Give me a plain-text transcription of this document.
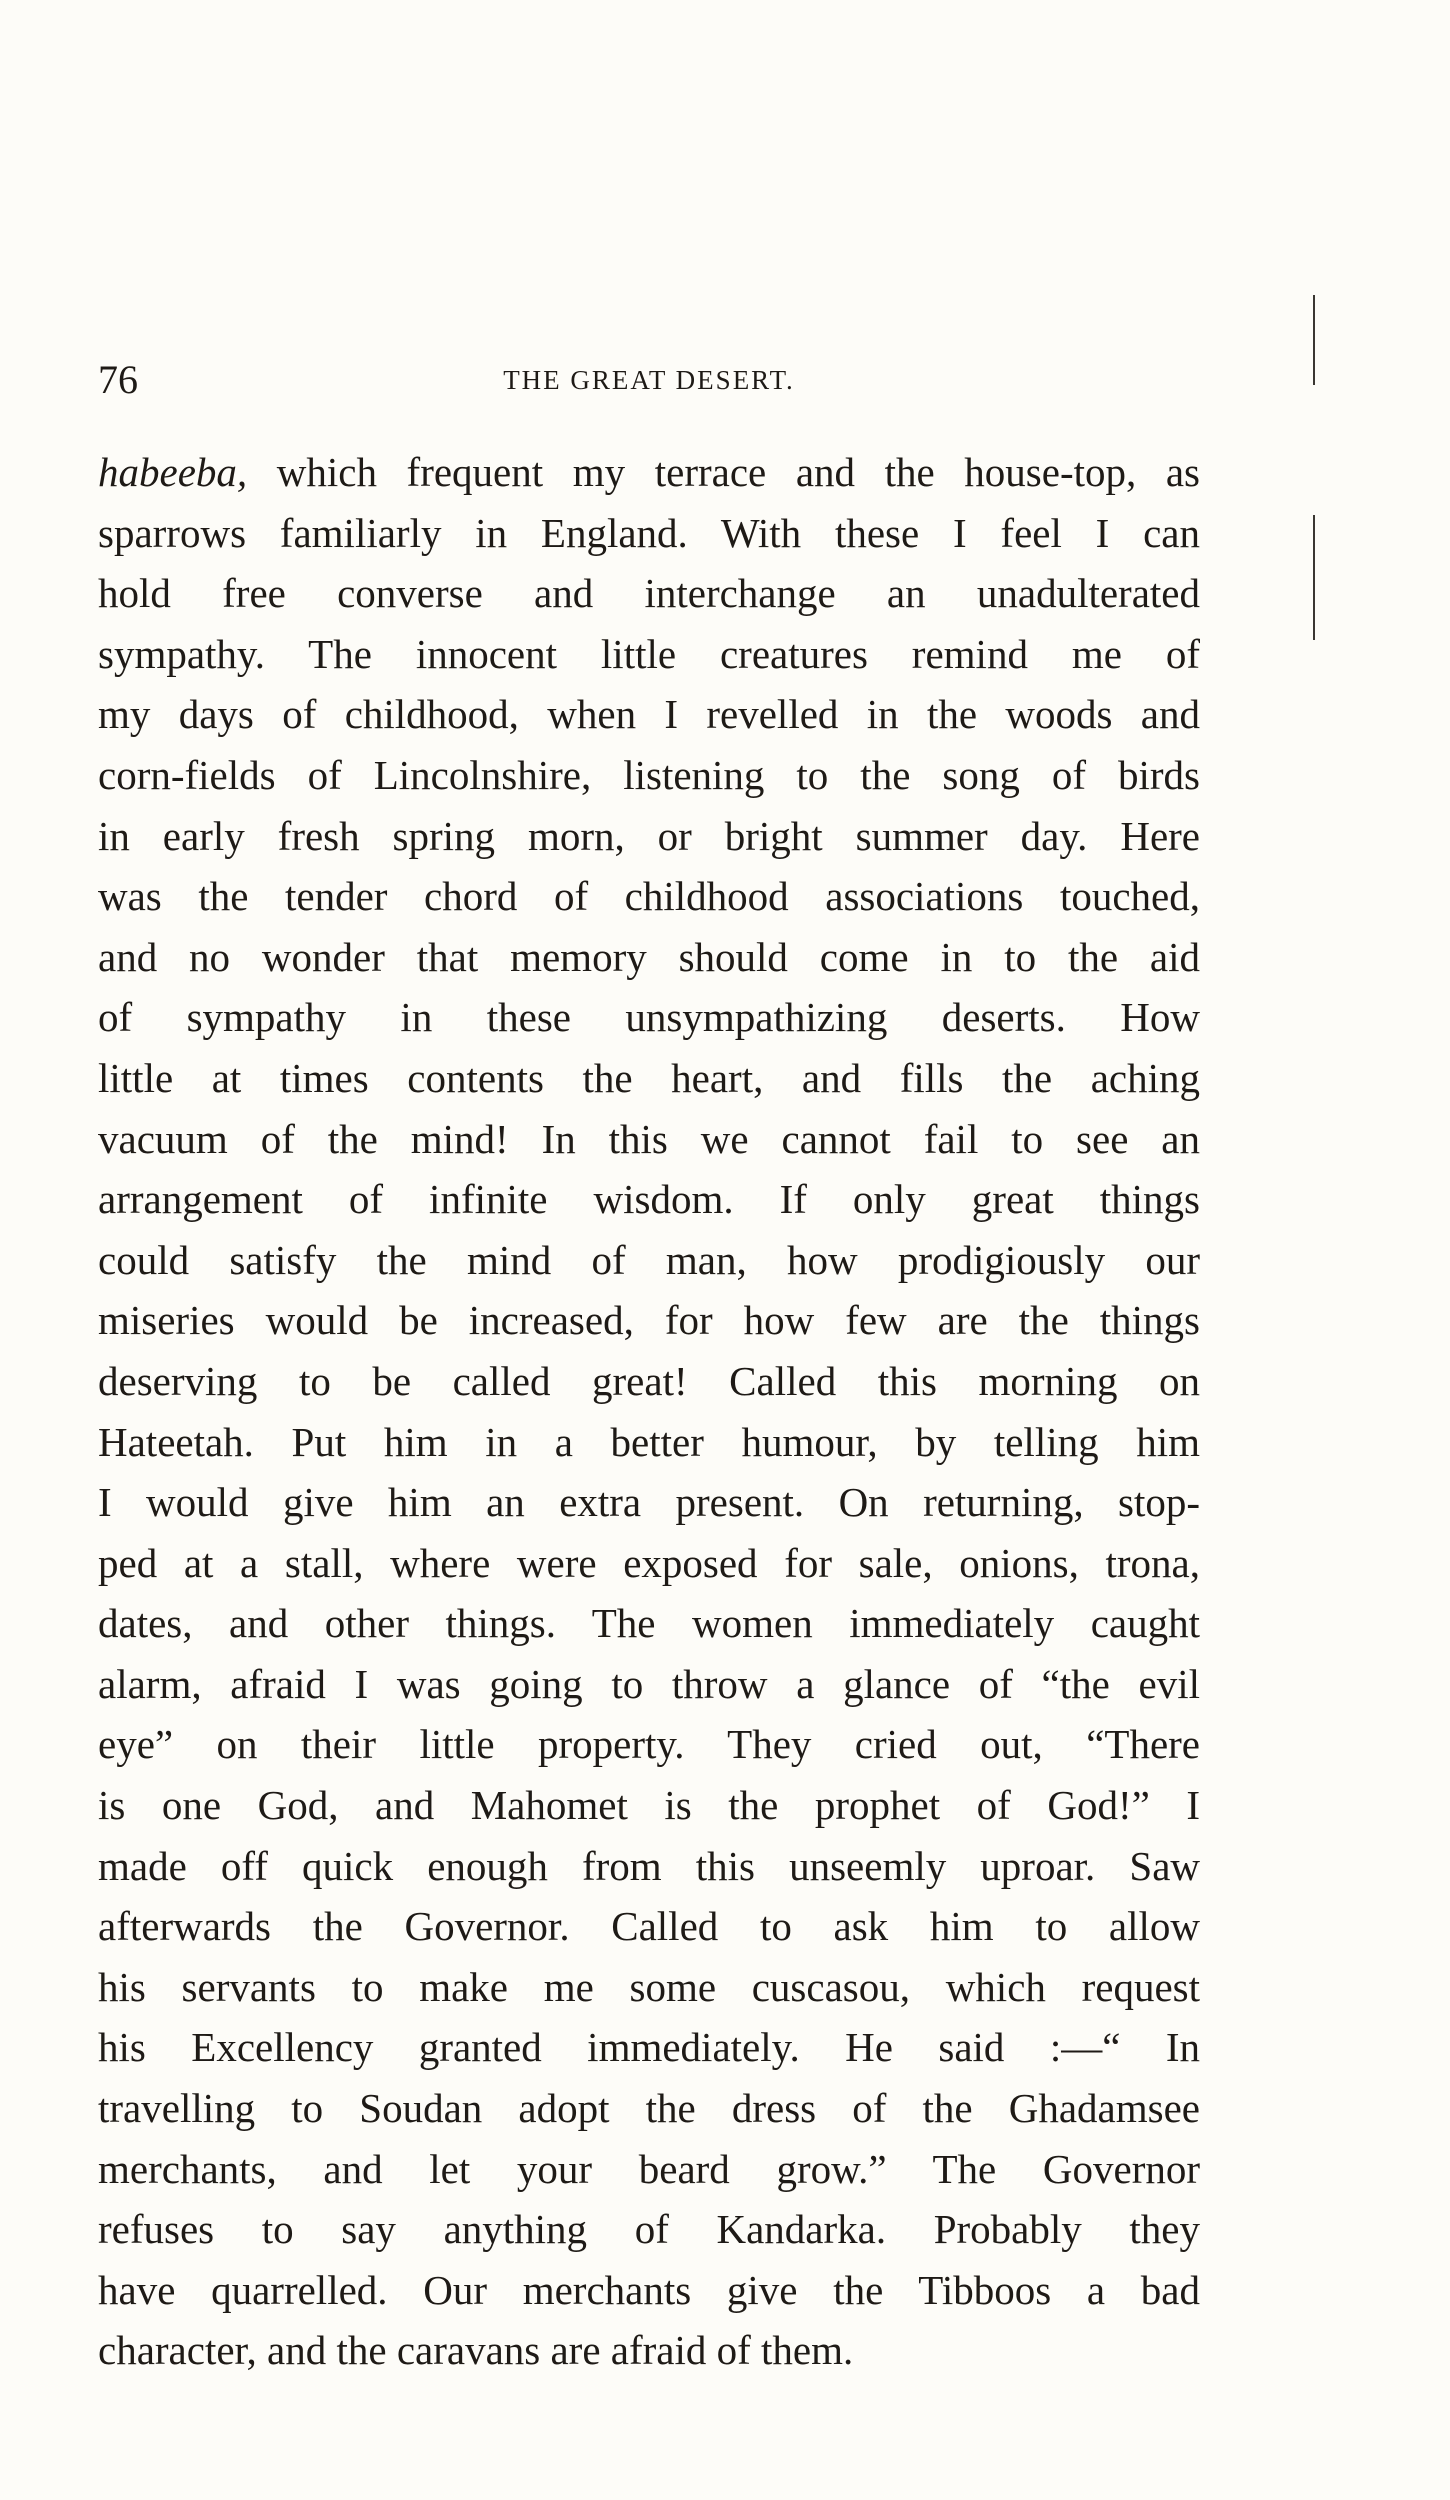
76	THE GREAT DESERT.
habeeba, which frequent my terrace and the house-top, as
sparrows familiarly in England. With these I feel I can
hold free converse and interchange an unadulterated
sympathy. The innocent little creatures remind me of
my days of childhood, when I revelled in the woods and
corn-fields of Lincolnshire, listening to the song of birds
in early fresh spring morn, or bright summer day. Here
was the tender chord of childhood associations touched,
and no wonder that memory should come in to the aid
of sympathy in these unsympathizing deserts. How
little at times contents the heart, and fills the aching
vacuum of the mind! In this we cannot fail to see an
arrangement of infinite wisdom. If only great things
could satisfy the mind of man, how prodigiously our
miseries would be increased, for how few are the things
deserving to be called great! Called this morning on
Hateetah. Put him in a better humour, by telling him
I would give him an extra present. On returning, stop-
ped at a stall, where were exposed for sale, onions, trona,
dates, and other things. The women immediately caught
alarm, afraid I was going to throw a glance of “the evil
eye” on their little property. They cried out, “There
is one God, and Mahomet is the prophet of God!” I
made off quick enough from this unseemly uproar. Saw
afterwards the Governor. Called to ask him to allow
his servants to make me some cuscasou, which request
his Excellency granted immediately. He said :—“ In
travelling to Soudan adopt the dress of the Ghadamsee
merchants, and let your beard grow.” The Governor
refuses to say anything of Kandarka. Probably they
have quarrelled. Our merchants give the Tibboos a bad
character, and the caravans are afraid of them.
